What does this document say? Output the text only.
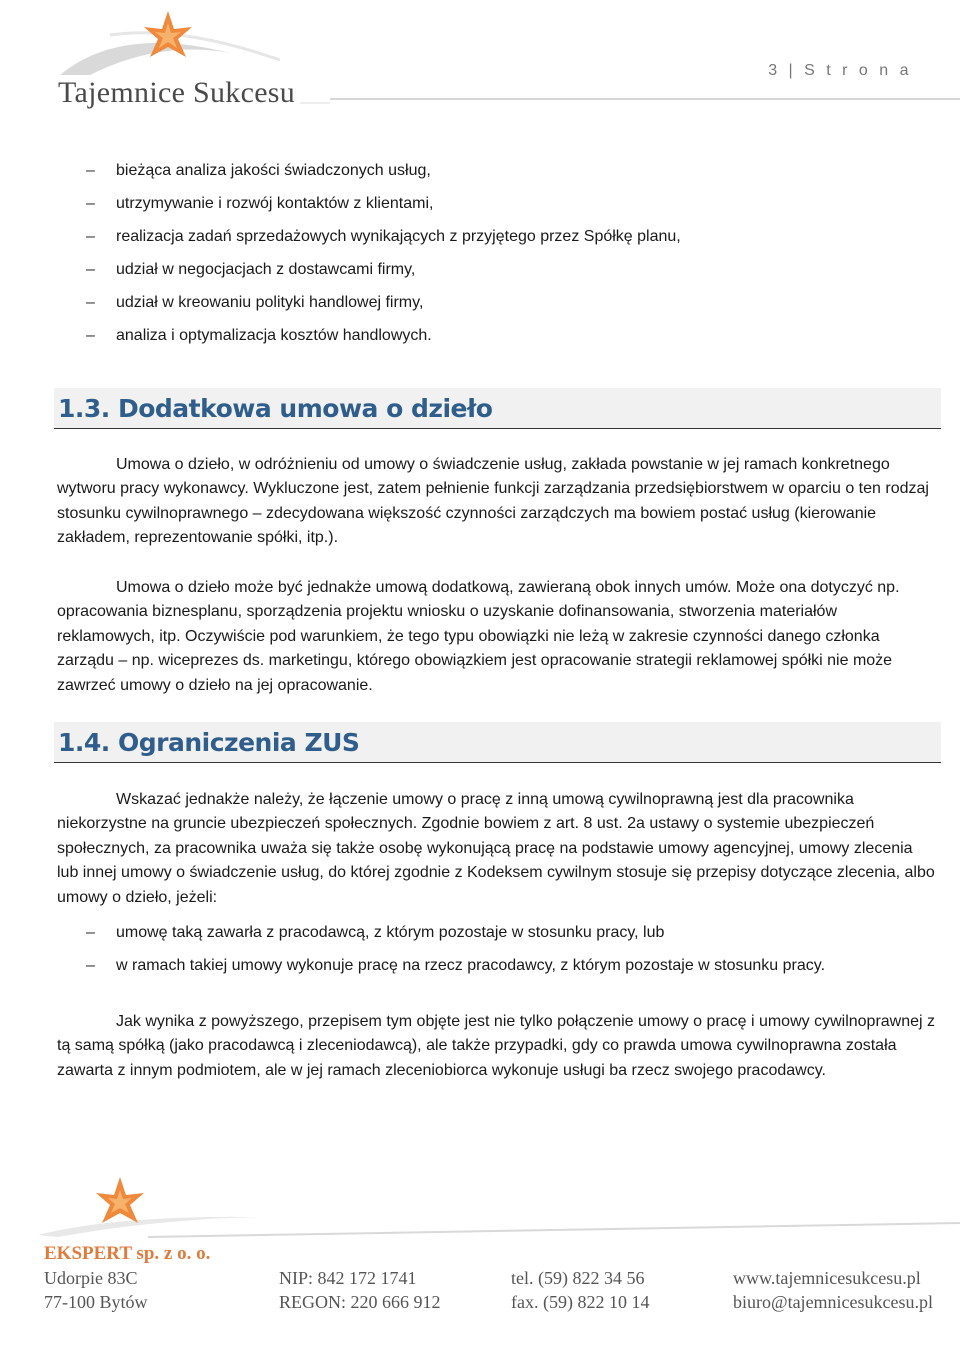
Tajemnice Sukcesu
3 | S t r o n a
–	bieżąca analiza jakości świadczonych usług,
–	utrzymywanie i rozwój kontaktów z klientami,
–	realizacja zadań sprzedażowych wynikających z przyjętego przez Spółkę planu,
–	udział w negocjacjach z dostawcami firmy,
–	udział w kreowaniu polityki handlowej firmy,
–	analiza i optymalizacja kosztów handlowych.
1.3. Dodatkowa umowa o dzieło

Umowa o dzieło, w odróżnieniu od umowy o świadczenie usług, zakłada powstanie w jej ramach konkretnego wytworu pracy wykonawcy. Wykluczone jest, zatem pełnienie funkcji zarządzania przedsiębiorstwem w oparciu o ten rodzaj stosunku cywilnoprawnego – zdecydowana większość czynności zarządczych ma bowiem postać usług (kierowanie zakładem, reprezentowanie spółki, itp.).

Umowa o dzieło może być jednakże umową dodatkową, zawieraną obok innych umów. Może ona dotyczyć np. opracowania biznesplanu, sporządzenia projektu wniosku o uzyskanie dofinansowania, stworzenia materiałów reklamowych, itp. Oczywiście pod warunkiem, że tego typu obowiązki nie leżą w zakresie czynności danego członka zarządu – np. wiceprezes ds. marketingu, którego obowiązkiem jest opracowanie strategii reklamowej spółki nie może zawrzeć umowy o dzieło na jej opracowanie.

1.4. Ograniczenia ZUS

Wskazać jednakże należy, że łączenie umowy o pracę z inną umową cywilnoprawną jest dla pracownika niekorzystne na gruncie ubezpieczeń społecznych. Zgodnie bowiem z art. 8 ust. 2a ustawy o systemie ubezpieczeń społecznych, za pracownika uważa się także osobę wykonującą pracę na podstawie umowy agencyjnej, umowy zlecenia lub innej umowy o świadczenie usług, do której zgodnie z Kodeksem cywilnym stosuje się przepisy dotyczące zlecenia, albo umowy o dzieło, jeżeli:

–	umowę taką zawarła z pracodawcą, z którym pozostaje w stosunku pracy, lub
–	w ramach takiej umowy wykonuje pracę na rzecz pracodawcy, z którym pozostaje w stosunku pracy.

Jak wynika z powyższego, przepisem tym objęte jest nie tylko połączenie umowy o pracę i umowy cywilnoprawnej z tą samą spółką (jako pracodawcą i zleceniodawcą), ale także przypadki, gdy co prawda umowa cywilnoprawna została zawarta z innym podmiotem, ale w jej ramach zleceniobiorca wykonuje usługi ba rzecz swojego pracodawcy.

EKSPERT sp. z o. o.
Udorpie 83C
77-100 Bytów
NIP: 842 172 1741
REGON: 220 666 912
tel. (59) 822 34 56
fax. (59) 822 10 14
www.tajemnicesukcesu.pl
biuro@tajemnicesukcesu.pl
